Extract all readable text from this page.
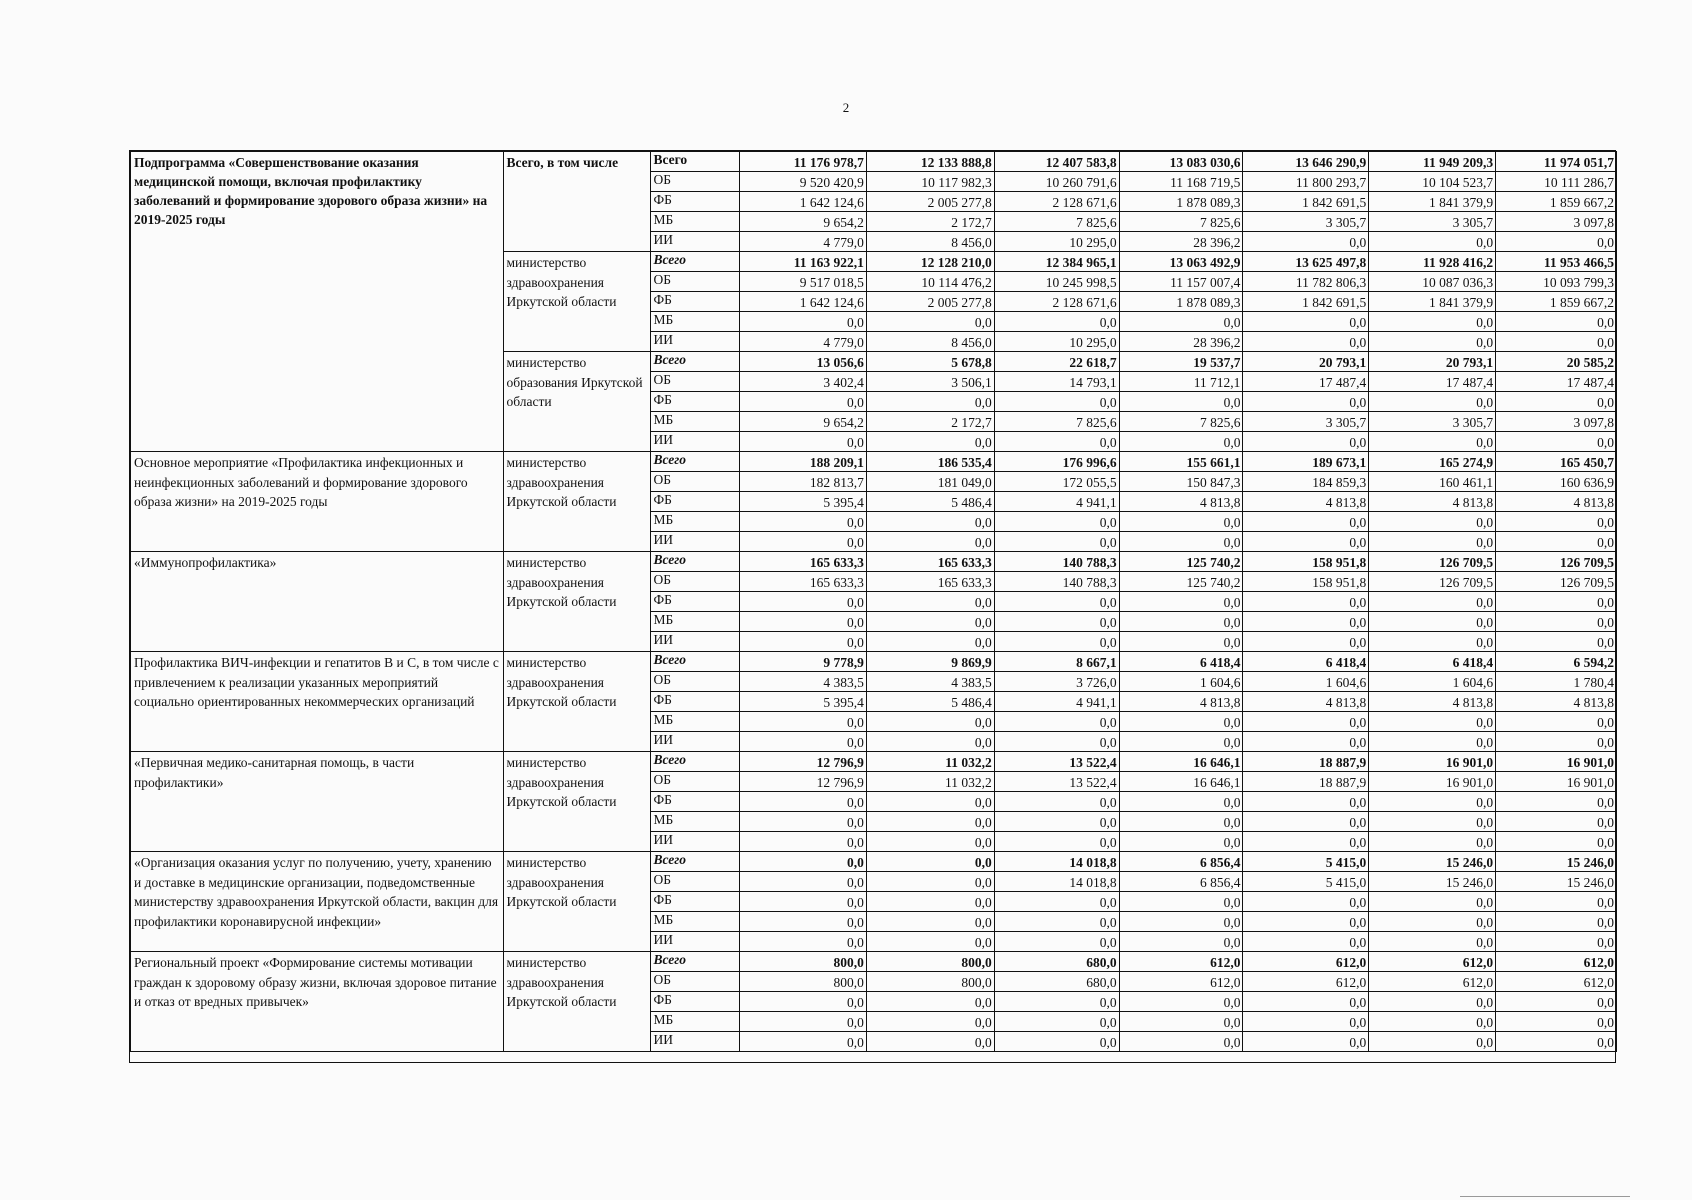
2
Подпрограмма «Совершенствование оказания медицинской помощи, включая профилактику заболеваний и формирование здорового образа жизни» на 2019-2025 годы	Всего, в том числе	Всего	11 176 978,7	12 133 888,8	12 407 583,8	13 083 030,6	13 646 290,9	11 949 209,3	11 974 051,7
		ОБ	9 520 420,9	10 117 982,3	10 260 791,6	11 168 719,5	11 800 293,7	10 104 523,7	10 111 286,7
		ФБ	1 642 124,6	2 005 277,8	2 128 671,6	1 878 089,3	1 842 691,5	1 841 379,9	1 859 667,2
		МБ	9 654,2	2 172,7	7 825,6	7 825,6	3 305,7	3 305,7	3 097,8
		ИИ	4 779,0	8 456,0	10 295,0	28 396,2	0,0	0,0	0,0
	министерство здравоохранения Иркутской области	Всего	11 163 922,1	12 128 210,0	12 384 965,1	13 063 492,9	13 625 497,8	11 928 416,2	11 953 466,5
		ОБ	9 517 018,5	10 114 476,2	10 245 998,5	11 157 007,4	11 782 806,3	10 087 036,3	10 093 799,3
		ФБ	1 642 124,6	2 005 277,8	2 128 671,6	1 878 089,3	1 842 691,5	1 841 379,9	1 859 667,2
		МБ	0,0	0,0	0,0	0,0	0,0	0,0	0,0
		ИИ	4 779,0	8 456,0	10 295,0	28 396,2	0,0	0,0	0,0
	министерство образования Иркутской области	Всего	13 056,6	5 678,8	22 618,7	19 537,7	20 793,1	20 793,1	20 585,2
		ОБ	3 402,4	3 506,1	14 793,1	11 712,1	17 487,4	17 487,4	17 487,4
		ФБ	0,0	0,0	0,0	0,0	0,0	0,0	0,0
		МБ	9 654,2	2 172,7	7 825,6	7 825,6	3 305,7	3 305,7	3 097,8
		ИИ	0,0	0,0	0,0	0,0	0,0	0,0	0,0
Основное мероприятие «Профилактика инфекционных и неинфекционных заболеваний и формирование здорового образа жизни» на 2019-2025 годы	министерство здравоохранения Иркутской области	Всего	188 209,1	186 535,4	176 996,6	155 661,1	189 673,1	165 274,9	165 450,7
		ОБ	182 813,7	181 049,0	172 055,5	150 847,3	184 859,3	160 461,1	160 636,9
		ФБ	5 395,4	5 486,4	4 941,1	4 813,8	4 813,8	4 813,8	4 813,8
		МБ	0,0	0,0	0,0	0,0	0,0	0,0	0,0
		ИИ	0,0	0,0	0,0	0,0	0,0	0,0	0,0
«Иммунопрофилактика»	министерство здравоохранения Иркутской области	Всего	165 633,3	165 633,3	140 788,3	125 740,2	158 951,8	126 709,5	126 709,5
		ОБ	165 633,3	165 633,3	140 788,3	125 740,2	158 951,8	126 709,5	126 709,5
		ФБ	0,0	0,0	0,0	0,0	0,0	0,0	0,0
		МБ	0,0	0,0	0,0	0,0	0,0	0,0	0,0
		ИИ	0,0	0,0	0,0	0,0	0,0	0,0	0,0
Профилактика ВИЧ-инфекции и гепатитов В и С, в том числе с привлечением к реализации указанных мероприятий социально ориентированных некоммерческих организаций	министерство здравоохранения Иркутской области	Всего	9 778,9	9 869,9	8 667,1	6 418,4	6 418,4	6 418,4	6 594,2
		ОБ	4 383,5	4 383,5	3 726,0	1 604,6	1 604,6	1 604,6	1 780,4
		ФБ	5 395,4	5 486,4	4 941,1	4 813,8	4 813,8	4 813,8	4 813,8
		МБ	0,0	0,0	0,0	0,0	0,0	0,0	0,0
		ИИ	0,0	0,0	0,0	0,0	0,0	0,0	0,0
«Первичная медико-санитарная помощь, в части профилактики»	министерство здравоохранения Иркутской области	Всего	12 796,9	11 032,2	13 522,4	16 646,1	18 887,9	16 901,0	16 901,0
		ОБ	12 796,9	11 032,2	13 522,4	16 646,1	18 887,9	16 901,0	16 901,0
		ФБ	0,0	0,0	0,0	0,0	0,0	0,0	0,0
		МБ	0,0	0,0	0,0	0,0	0,0	0,0	0,0
		ИИ	0,0	0,0	0,0	0,0	0,0	0,0	0,0
«Организация оказания услуг по получению, учету, хранению и доставке в медицинские организации, подведомственные министерству здравоохранения Иркутской области, вакцин для профилактики коронавирусной инфекции»	министерство здравоохранения Иркутской области	Всего	0,0	0,0	14 018,8	6 856,4	5 415,0	15 246,0	15 246,0
		ОБ	0,0	0,0	14 018,8	6 856,4	5 415,0	15 246,0	15 246,0
		ФБ	0,0	0,0	0,0	0,0	0,0	0,0	0,0
		МБ	0,0	0,0	0,0	0,0	0,0	0,0	0,0
		ИИ	0,0	0,0	0,0	0,0	0,0	0,0	0,0
Региональный проект «Формирование системы мотивации граждан к здоровому образу жизни, включая здоровое питание и отказ от вредных привычек»	министерство здравоохранения Иркутской области	Всего	800,0	800,0	680,0	612,0	612,0	612,0	612,0
		ОБ	800,0	800,0	680,0	612,0	612,0	612,0	612,0
		ФБ	0,0	0,0	0,0	0,0	0,0	0,0	0,0
		МБ	0,0	0,0	0,0	0,0	0,0	0,0	0,0
		ИИ	0,0	0,0	0,0	0,0	0,0	0,0	0,0
